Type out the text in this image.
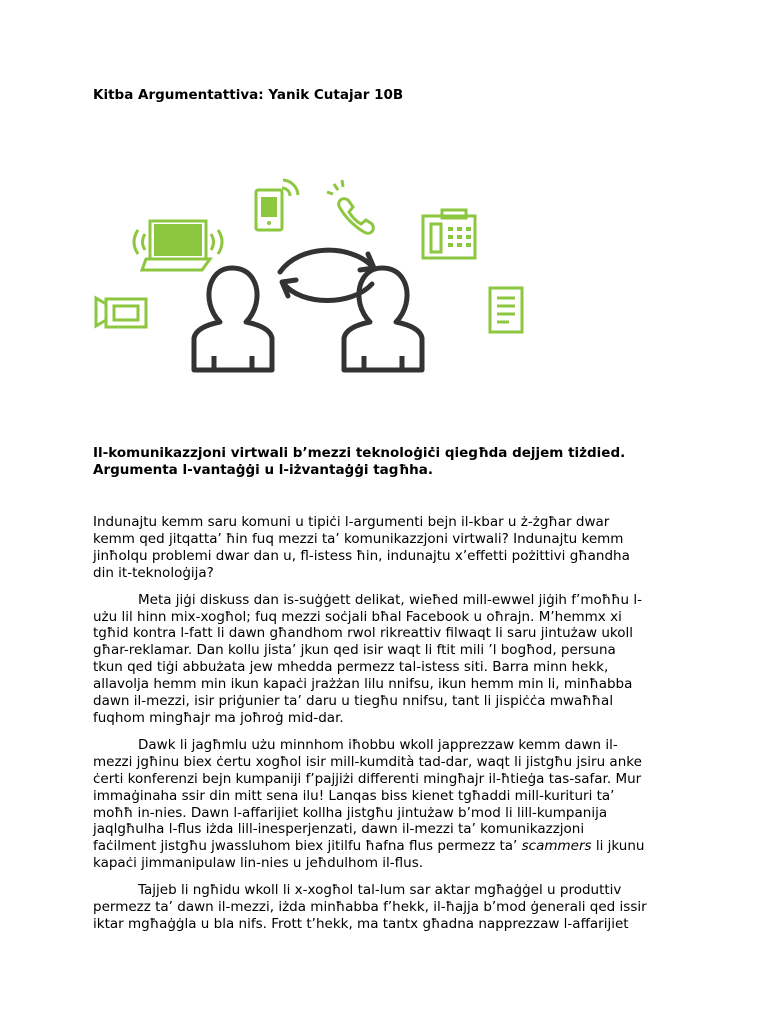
Kitba Argumentattiva: Yanik Cutajar 10B

Il-komunikazzjoni virtwali b’mezzi teknoloġiċi qiegħda dejjem tiżdied.
Argumenta l-vantaġġi u l-iżvantaġġi tagħha.

Indunajtu kemm saru komuni u tipiċi l-argumenti bejn il-kbar u ż-żgħar dwar
kemm qed jitqatta’ ħin fuq mezzi ta’ komunikazzjoni virtwali? Indunajtu kemm
jinħolqu problemi dwar dan u, fl-istess ħin, indunajtu x’effetti pożittivi għandha
din it-teknoloġija?

Meta jiġi diskuss dan is-suġġett delikat, wieħed mill-ewwel jiġih f’moħħu l-
użu lil hinn mix-xogħol; fuq mezzi soċjali bħal Facebook u oħrajn. M’hemmx xi
tgħid kontra l-fatt li dawn għandhom rwol rikreattiv filwaqt li saru jintużaw ukoll
għar-reklamar. Dan kollu jista’ jkun qed isir waqt li ftit mili ’l bogħod, persuna
tkun qed tiġi abbużata jew mhedda permezz tal-istess siti. Barra minn hekk,
allavolja hemm min ikun kapaċi jrażżan lilu nnifsu, ikun hemm min li, minħabba
dawn il-mezzi, isir priġunier ta’ daru u tiegħu nnifsu, tant li jispiċċa mwaħħal
fuqhom mingħajr ma joħroġ mid-dar.

Dawk li jagħmlu użu minnhom iħobbu wkoll japprezzaw kemm dawn il-
mezzi jgħinu biex ċertu xogħol isir mill-kumdità tad-dar, waqt li jistgħu jsiru anke
ċerti konferenzi bejn kumpaniji f’pajjiżi differenti mingħajr il-ħtieġa tas-safar. Mur
immaġinaha ssir din mitt sena ilu! Lanqas biss kienet tgħaddi mill-kurituri ta’
moħħ in-nies. Dawn l-affarijiet kollha jistgħu jintużaw b’mod li lill-kumpanija
jaqlgħulha l-flus iżda lill-inesperjenzati, dawn il-mezzi ta’ komunikazzjoni
faċilment jistgħu jwassluhom biex jitilfu ħafna flus permezz ta’ scammers li jkunu
kapaċi jimmanipulaw lin-nies u jeħdulhom il-flus.

Tajjeb li ngħidu wkoll li x-xogħol tal-lum sar aktar mgħaġġel u produttiv
permezz ta’ dawn il-mezzi, iżda minħabba f’hekk, il-ħajja b’mod ġenerali qed issir
iktar mgħaġġla u bla nifs. Frott t’hekk, ma tantx għadna napprezzaw l-affarijiet
